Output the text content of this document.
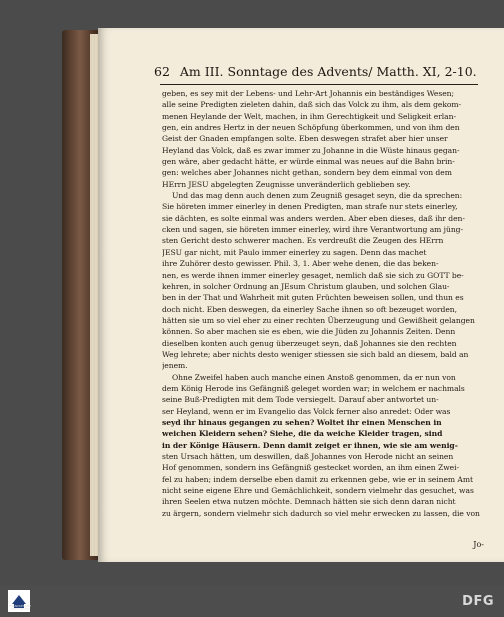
62 Am III. Sonntage des Advents/ Matth. XI, 2-10.
geben, es sey mit der Lebens- und Lehr-Art Johannis ein beständiges Wesen;
alle seine Predigten zieleten dahin, daß sich das Volck zu ihm, als dem gekom-
menen Heylande der Welt, machen, in ihm Gerechtigkeit und Seligkeit erlan-
gen, ein andres Hertz in der neuen Schöpfung überkommen, und von ihm den
Geist der Gnaden empfangen solte. Eben deswegen strafet aber hier unser
Heyland das Volck, daß es zwar immer zu Johanne in die Wüste hinaus gegan-
gen wäre, aber gedacht hätte, er würde einmal was neues auf die Bahn brin-
gen: welches aber Johannes nicht gethan, sondern bey dem einmal von dem
HErrn JESU abgelegten Zeugnisse unveränderlich geblieben sey.
Und das mag denn auch denen zum Zeugniß gesaget seyn, die da sprechen:
Sie höreten immer einerley in denen Predigten, man strafe nur stets einerley,
sie dächten, es solte einmal was anders werden. Aber eben dieses, daß ihr den-
cken und sagen, sie höreten immer einerley, wird ihre Verantwortung am jüng-
sten Gericht desto schwerer machen. Es verdreußt die Zeugen des HErrn
JESU gar nicht, mit Paulo immer einerley zu sagen. Denn das machet
ihre Zuhörer desto gewisser. Phil. 3, 1. Aber wehe denen, die das beken-
nen, es werde ihnen immer einerley gesaget, nemlich daß sie sich zu GOTT be-
kehren, in solcher Ordnung an JEsum Christum glauben, und solchen Glau-
ben in der That und Wahrheit mit guten Früchten beweisen sollen, und thun es
doch nicht. Eben deswegen, da einerley Sache ihnen so oft bezeuget worden,
hätten sie um so viel eher zu einer rechten Überzeugung und Gewißheit gelangen
können. So aber machen sie es eben, wie die Jüden zu Johannis Zeiten. Denn
dieselben konten auch genug überzeuget seyn, daß Johannes sie den rechten
Weg lehrete; aber nichts desto weniger stiessen sie sich bald an diesem, bald an
jenem.
Ohne Zweifel haben auch manche einen Anstoß genommen, da er nun von
dem König Herode ins Gefängniß geleget worden war; in welchem er nachmals
seine Buß-Predigten mit dem Tode versiegelt. Darauf aber antwortet un-
ser Heyland, wenn er im Evangelio das Volck ferner also anredet: Oder was
seyd ihr hinaus gegangen zu sehen? Woltet ihr einen Menschen in
weichen Kleidern sehen? Siehe, die da weiche Kleider tragen, sind
in der Könige Häusern. Denn damit zeiget er ihnen, wie sie am wenig-
sten Ursach hätten, um deswillen, daß Johannes von Herode nicht an seinen
Hof genommen, sondern ins Gefängniß gestecket worden, an ihm einen Zwei-
fel zu haben; indem derselbe eben damit zu erkennen gebe, wie er in seinem Amt
nicht seine eigene Ehre und Gemächlichkeit, sondern vielmehr das gesuchet, was
ihren Seelen etwa nutzen möchte. Demnach hätten sie sich denn daran nicht
zu ärgern, sondern vielmehr sich dadurch so viel mehr erwecken zu lassen, die von
Jo-
FRANCKESCHE STIFTUNGEN
DFG
